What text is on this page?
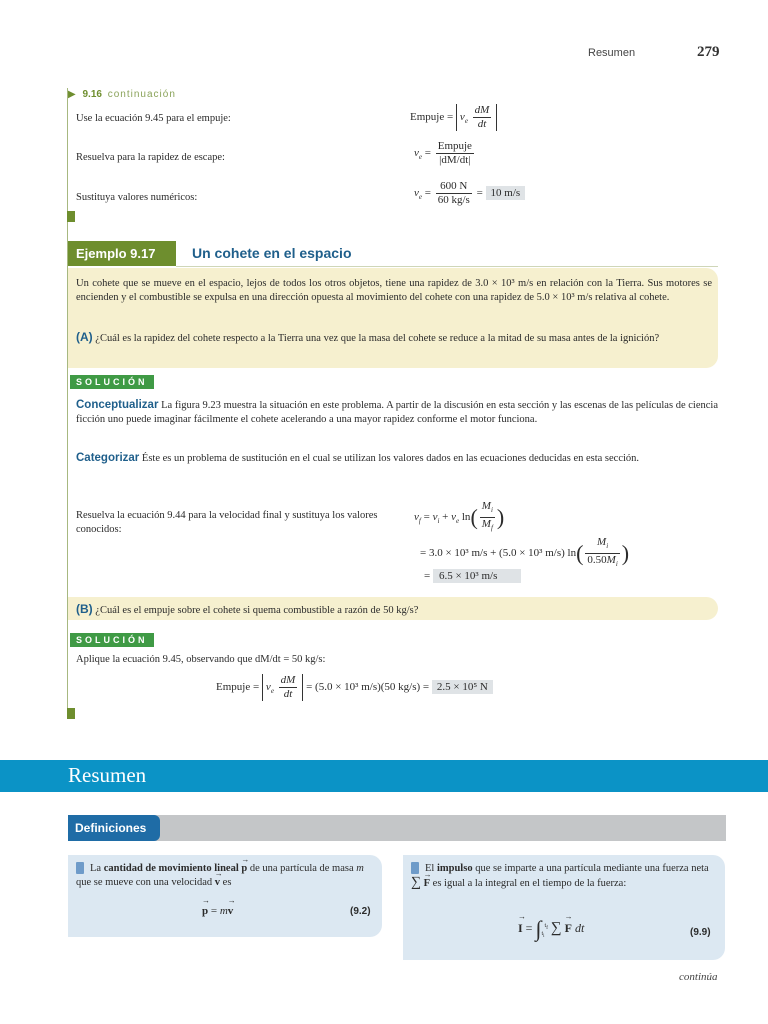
Resumen	279
▶ 9.16 continuación
Use la ecuación 9.45 para el empuje:	Empuje = $v_e \frac{dM}{dt}$
Resuelva para la rapidez de escape:	$v_e = \frac{\text{Empuje}}{|dM/dt|}$
Sustituya valores numéricos:	$v_e = \frac{600 N}{60 kg/s} = 10$ m/s
Ejemplo 9.17	Un cohete en el espacio
Un cohete que se mueve en el espacio, lejos de todos los otros objetos, tiene una rapidez de 3.0 × 10³ m/s en relación con la Tierra. Sus motores se encienden y el combustible se expulsa en una dirección opuesta al movimiento del cohete con una rapidez de 5.0 × 10³ m/s relativa al cohete.
(A) ¿Cuál es la rapidez del cohete respecto a la Tierra una vez que la masa del cohete se reduce a la mitad de su masa antes de la ignición?
SOLUCIÓN
Conceptualizar La figura 9.23 muestra la situación en este problema. A partir de la discusión en esta sección y las escenas de las películas de ciencia ficción uno puede imaginar fácilmente el cohete acelerando a una mayor rapidez conforme el motor funciona.
Categorizar Éste es un problema de sustitución en el cual se utilizan los valores dados en las ecuaciones deducidas en esta sección.
Resuelva la ecuación 9.44 para la velocidad final y sustituya los valores conocidos:
$v_f = v_i + v_e$ $\ln( \frac{M_i}{M_f}$ )
= 3.0 × 10³ m/s + (5.0 × 10³ m/s) $\ln( \frac{M_i}{0.50M_i}$ )
= 6.5 × 10³ m/s
(B) ¿Cuál es el empuje sobre el cohete si quema combustible a razón de 50 kg/s?
SOLUCIÓN
Aplique la ecuación 9.45, observando que dM/dt = 50 kg/s:
Empuje = $v_e \frac{dM}{dt} = (5.0 \times 10^3$ m/s)(50 kg/s) = 2.5 × 10⁵ N
Resumen
Definiciones
La cantidad de movimiento lineal → p de una partícula de masa m que se mueve con una velocidad → v es
→ p = m→ v	(9.2)
El impulso que se imparte a una partícula mediante una fuerza neta ∑ → F es igual a la integral en el tiempo de la fuerza:
→ $I = \int_{t_i}^{t_f}$ ∑ → F dt	(9.9)
continúa
